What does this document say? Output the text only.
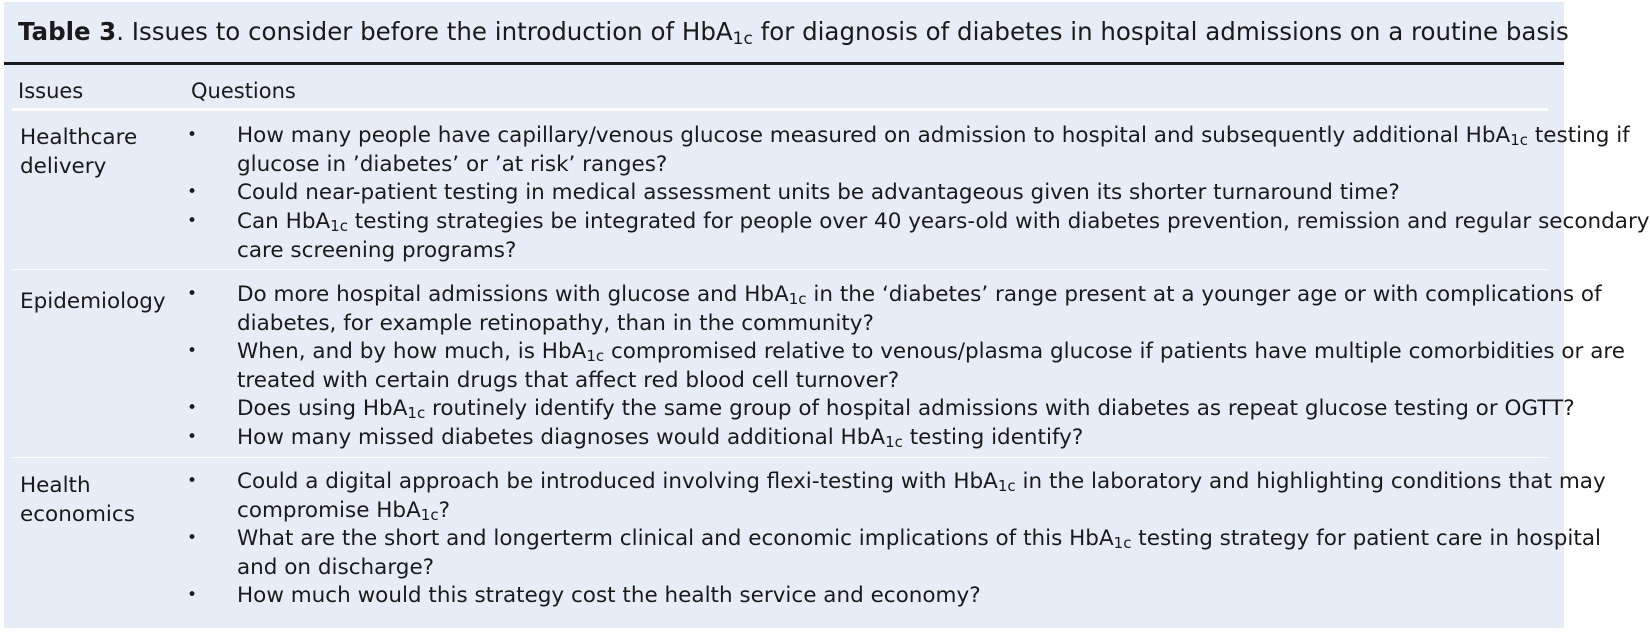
Table 3. Issues to consider before the introduction of HbA$_{1c}$ for diagnosis of diabetes in hospital admissions on a routine basis
Issues	Questions
Healthcare
delivery
• How many people have capillary/venous glucose measured on admission to hospital and subsequently additional HbA$_{1c}$ testing if
glucose in ’diabetes’ or ’at risk’ ranges?
• Could near-patient testing in medical assessment units be advantageous given its shorter turnaround time?
• Can HbA$_{1c}$ testing strategies be integrated for people over 40 years-old with diabetes prevention, remission and regular secondary
care screening programs?
Epidemiology • Do more hospital admissions with glucose and HbA$_{1c}$ in the ‘diabetes’ range present at a younger age or with complications of
diabetes, for example retinopathy, than in the community?
• When, and by how much, is HbA$_{1c}$ compromised relative to venous/plasma glucose if patients have multiple comorbidities or are
treated with certain drugs that affect red blood cell turnover?
• Does using HbA$_{1c}$ routinely identify the same group of hospital admissions with diabetes as repeat glucose testing or OGTT?
• How many missed diabetes diagnoses would additional HbA$_{1c}$ testing identify?
Health
economics
• Could a digital approach be introduced involving flexi-testing with HbA$_{1c}$ in the laboratory and highlighting conditions that may
compromise HbA$_{1c}$?
• What are the short and longerterm clinical and economic implications of this HbA$_{1c}$ testing strategy for patient care in hospital
and on discharge?
• How much would this strategy cost the health service and economy?
